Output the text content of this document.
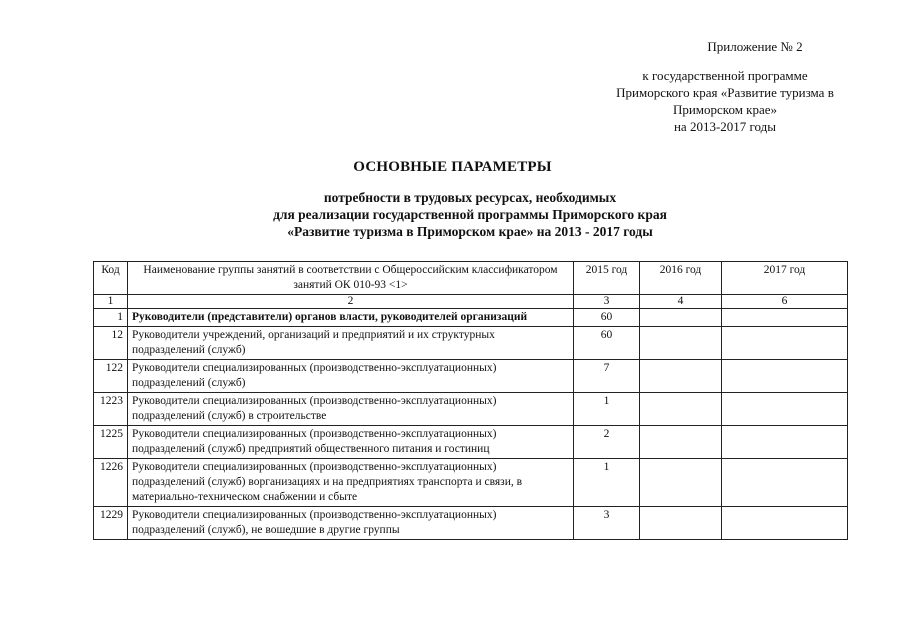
Приложение № 2
к государственной программе
Приморского края «Развитие туризма в
Приморском крае»
на 2013-2017 годы
ОСНОВНЫЕ ПАРАМЕТРЫ
потребности в трудовых ресурсах, необходимых
для реализации государственной программы Приморского края
«Развитие туризма в Приморском крае» на 2013 - 2017 годы
Код	Наименование группы занятий в соответствии с Общероссийским классификатором занятий ОК 010-93 <1>	2015 год	2016 год	2017 год
1	2	3	4	6
1	Руководители (представители) органов власти, руководителей организаций	60		
12	Руководители учреждений, организаций и предприятий и их структурных подразделений (служб)	60		
122	Руководители специализированных (производственно-эксплуатационных) подразделений (служб)	7		
1223	Руководители специализированных (производственно-эксплуатационных) подразделений (служб) в строительстве	1		
1225	Руководители специализированных (производственно-эксплуатационных) подразделений (служб) предприятий общественного питания и гостиниц	2		
1226	Руководители специализированных (производственно-эксплуатационных) подразделений (служб) ворганизациях и на предприятиях транспорта и связи, в материально-техническом снабжении и сбыте	1		
1229	Руководители специализированных (производственно-эксплуатационных) подразделений (служб), не вошедшие в другие группы	3		
